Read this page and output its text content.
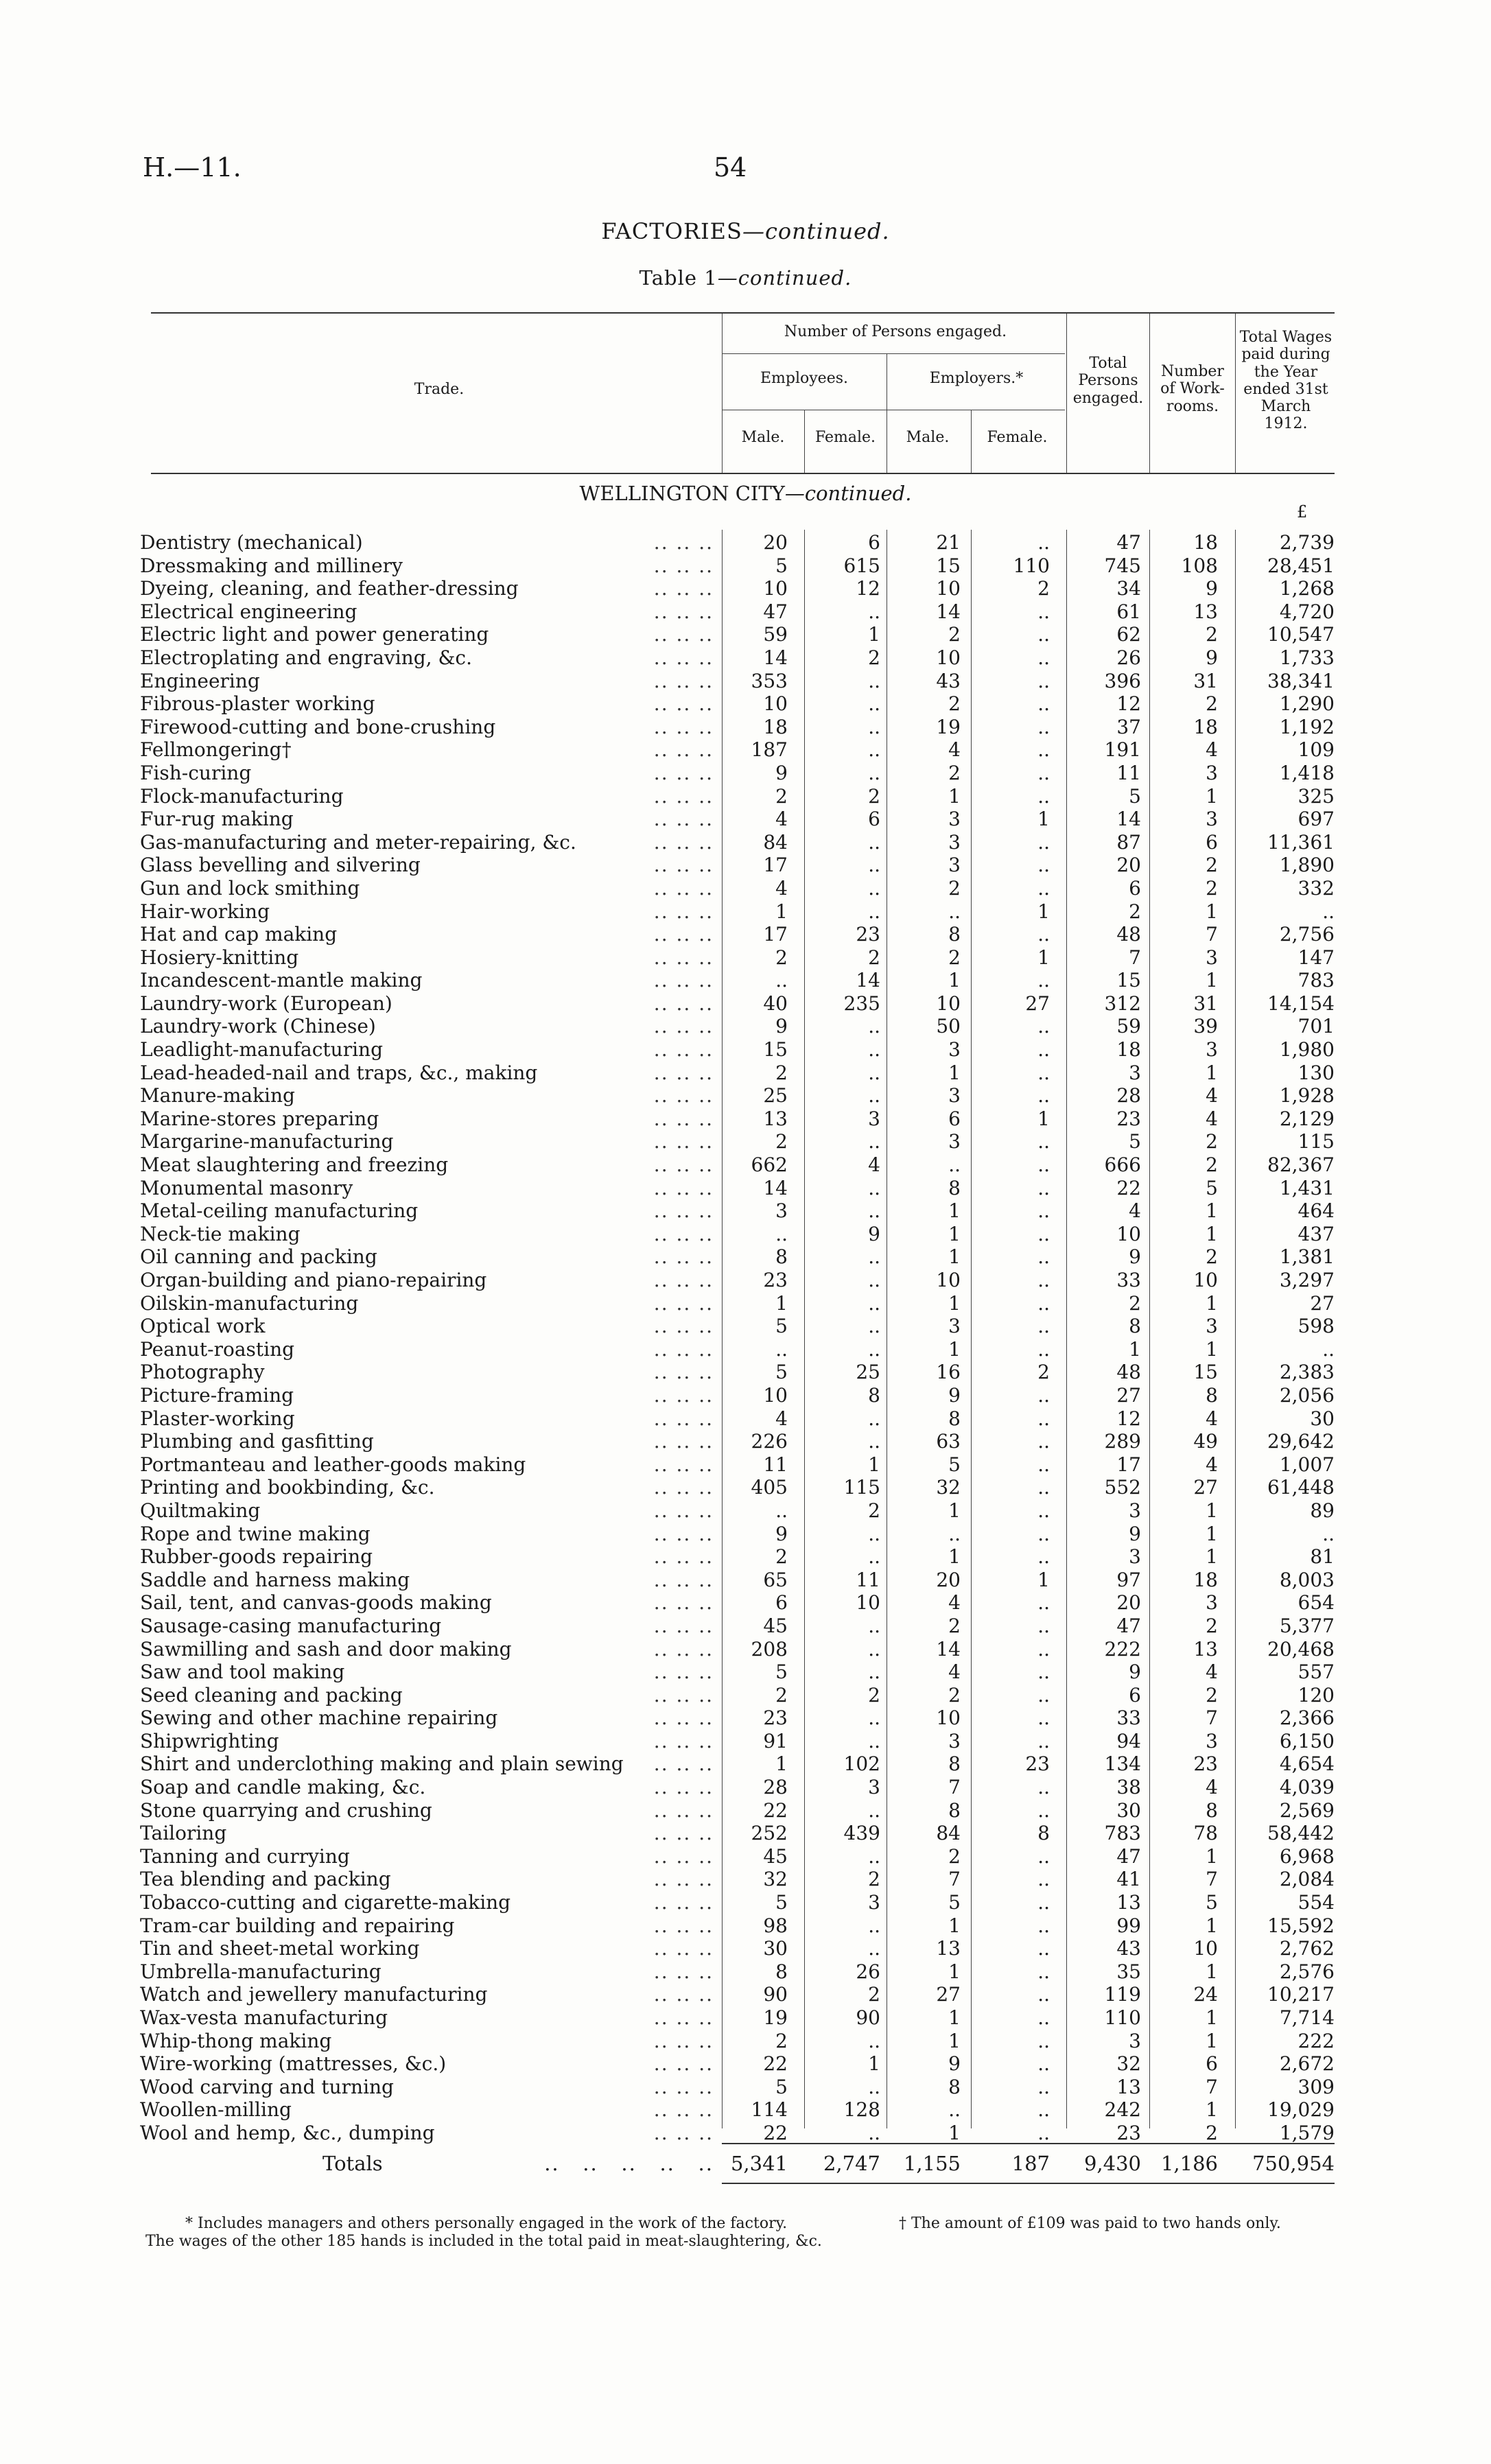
H.—11.	54
FACTORIES—continued.
Table 1—continued.
Trade.
Number of Persons engaged.
Employees.	Employers.*
Male.	Female.	Male.	Female.
Total Persons engaged.
Number of Work-rooms.
Total Wages paid during the Year ended 31st March 1912.
WELLINGTON CITY—continued.
£
.. .. ..
Dentistry (mechanical)	20	6	21	..	47	18	2,739
.. .. ..
Dressmaking and millinery	5	615	15	110	745	108	28,451
.. .. ..
Dyeing, cleaning, and feather-dressing	10	12	10	2	34	9	1,268
.. .. ..
Electrical engineering	47	..	14	..	61	13	4,720
.. .. ..
Electric light and power generating	59	1	2	..	62	2	10,547
.. .. ..
Electroplating and engraving, &c.	14	2	10	..	26	9	1,733
.. .. ..
Engineering	353	..	43	..	396	31	38,341
.. .. ..
Fibrous-plaster working	10	..	2	..	12	2	1,290
.. .. ..
Firewood-cutting and bone-crushing	18	..	19	..	37	18	1,192
.. .. ..
Fellmongering†	187	..	4	..	191	4	109
.. .. ..
Fish-curing	9	..	2	..	11	3	1,418
.. .. ..
Flock-manufacturing	2	2	1	..	5	1	325
.. .. ..
Fur-rug making	4	6	3	1	14	3	697
.. .. ..
Gas-manufacturing and meter-repairing, &c.	84	..	3	..	87	6	11,361
.. .. ..
Glass bevelling and silvering	17	..	3	..	20	2	1,890
.. .. ..
Gun and lock smithing	4	..	2	..	6	2	332
.. .. ..
Hair-working	1	..	..	1	2	1	..
.. .. ..
Hat and cap making	17	23	8	..	48	7	2,756
.. .. ..
Hosiery-knitting	2	2	2	1	7	3	147
.. .. ..
Incandescent-mantle making	..	14	1	..	15	1	783
.. .. ..
Laundry-work (European)	40	235	10	27	312	31	14,154
.. .. ..
Laundry-work (Chinese)	9	..	50	..	59	39	701
.. .. ..
Leadlight-manufacturing	15	..	3	..	18	3	1,980
.. .. ..
Lead-headed-nail and traps, &c., making	2	..	1	..	3	1	130
.. .. ..
Manure-making	25	..	3	..	28	4	1,928
.. .. ..
Marine-stores preparing	13	3	6	1	23	4	2,129
.. .. ..
Margarine-manufacturing	2	..	3	..	5	2	115
.. .. ..
Meat slaughtering and freezing	662	4	..	..	666	2	82,367
.. .. ..
Monumental masonry	14	..	8	..	22	5	1,431
.. .. ..
Metal-ceiling manufacturing	3	..	1	..	4	1	464
.. .. ..
Neck-tie making	..	9	1	..	10	1	437
.. .. ..
Oil canning and packing	8	..	1	..	9	2	1,381
.. .. ..
Organ-building and piano-repairing	23	..	10	..	33	10	3,297
.. .. ..
Oilskin-manufacturing	1	..	1	..	2	1	27
.. .. ..
Optical work	5	..	3	..	8	3	598
.. .. ..
Peanut-roasting	..	..	1	..	1	1	..
.. .. ..
Photography	5	25	16	2	48	15	2,383
.. .. ..
Picture-framing	10	8	9	..	27	8	2,056
.. .. ..
Plaster-working	4	..	8	..	12	4	30
.. .. ..
Plumbing and gasfitting	226	..	63	..	289	49	29,642
.. .. ..
Portmanteau and leather-goods making	11	1	5	..	17	4	1,007
.. .. ..
Printing and bookbinding, &c.	405	115	32	..	552	27	61,448
.. .. ..
Quiltmaking	..	2	1	..	3	1	89
.. .. ..
Rope and twine making	9	..	..	..	9	1	..
.. .. ..
Rubber-goods repairing	2	..	1	..	3	1	81
.. .. ..
Saddle and harness making	65	11	20	1	97	18	8,003
.. .. ..
Sail, tent, and canvas-goods making	6	10	4	..	20	3	654
.. .. ..
Sausage-casing manufacturing	45	..	2	..	47	2	5,377
.. .. ..
Sawmilling and sash and door making	208	..	14	..	222	13	20,468
.. .. ..
Saw and tool making	5	..	4	..	9	4	557
.. .. ..
Seed cleaning and packing	2	2	2	..	6	2	120
.. .. ..
Sewing and other machine repairing	23	..	10	..	33	7	2,366
.. .. ..
Shipwrighting	91	..	3	..	94	3	6,150
.. .. ..
Shirt and underclothing making and plain sewing	1	102	8	23	134	23	4,654
.. .. ..
Soap and candle making, &c.	28	3	7	..	38	4	4,039
.. .. ..
Stone quarrying and crushing	22	..	8	..	30	8	2,569
.. .. ..
Tailoring	252	439	84	8	783	78	58,442
.. .. ..
Tanning and currying	45	..	2	..	47	1	6,968
.. .. ..
Tea blending and packing	32	2	7	..	41	7	2,084
.. .. ..
Tobacco-cutting and cigarette-making	5	3	5	..	13	5	554
.. .. ..
Tram-car building and repairing	98	..	1	..	99	1	15,592
.. .. ..
Tin and sheet-metal working	30	..	13	..	43	10	2,762
.. .. ..
Umbrella-manufacturing	8	26	1	..	35	1	2,576
.. .. ..
Watch and jewellery manufacturing	90	2	27	..	119	24	10,217
.. .. ..
Wax-vesta manufacturing	19	90	1	..	110	1	7,714
.. .. ..
Whip-thong making	2	..	1	..	3	1	222
.. .. ..
Wire-working (mattresses, &c.)	22	1	9	..	32	6	2,672
.. .. ..
Wood carving and turning	5	..	8	..	13	7	309
.. .. ..
Woollen-milling	114	128	..	..	242	1	19,029
.. .. ..
Wool and hemp, &c., dumping	22	..	1	..	23	2	1,579
Totals	..   ..   ..   ..   .. 5,341	2,747	1,155	187	9,430 1,186	750,954
* Includes managers and others personally engaged in the work of the factory.	† The amount of £109 was paid to two hands only.
The wages of the other 185 hands is included in the total paid in meat-slaughtering, &c.
